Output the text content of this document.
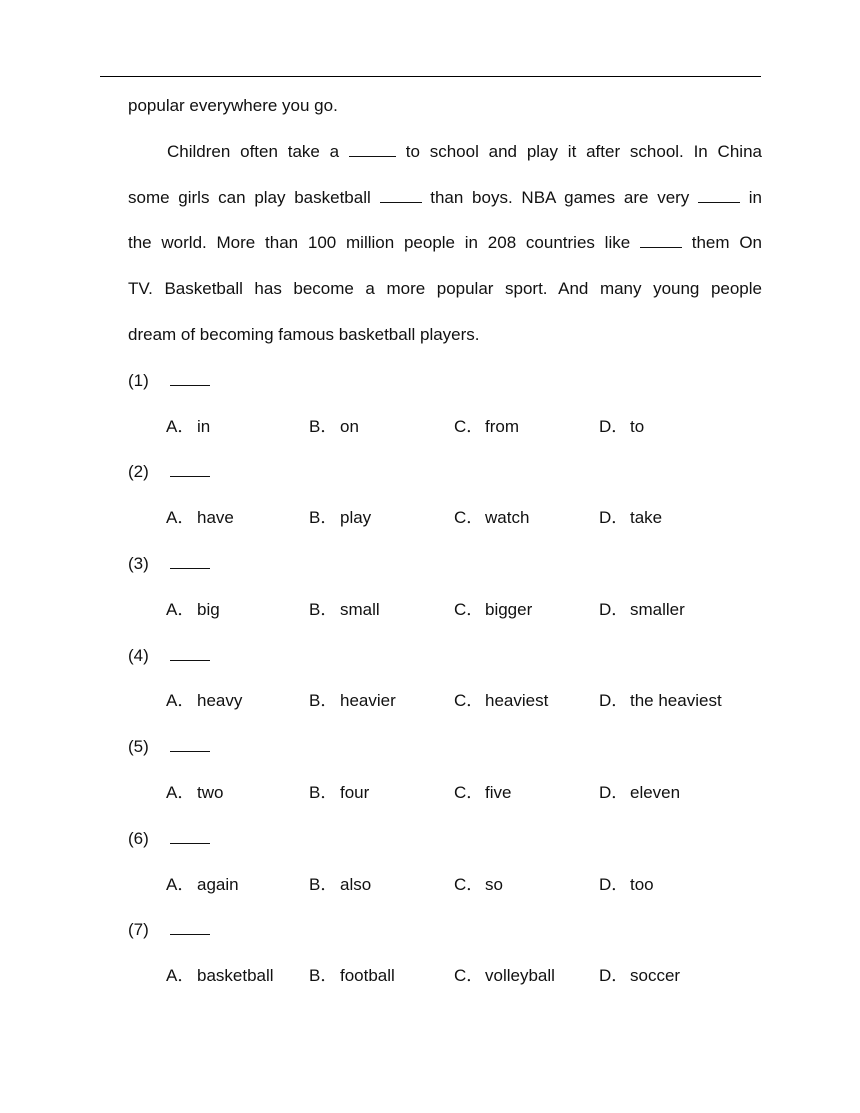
popular everywhere you go.
Children often take a	to school and play it after school. In China
some girls can play basketball	than boys. NBA games are very	in
the world. More than 100 million people in 208 countries like	them On
TV. Basketball has become a more popular sport. And many young people
dream of becoming famous basketball players.
(1)
A． in	B． on	C． from	D． to
(2)
A． have	B． play	C． watch	D． take
(3)
A． big	B． small	C． bigger	D． smaller
(4)
A． heavy	B． heavier	C． heaviest	D． the heaviest
(5)
A． two	B． four	C． five	D． eleven
(6)
A． again	B． also	C． so	D． too
(7)
A． basketball B． football	C． volleyball	D． soccer
